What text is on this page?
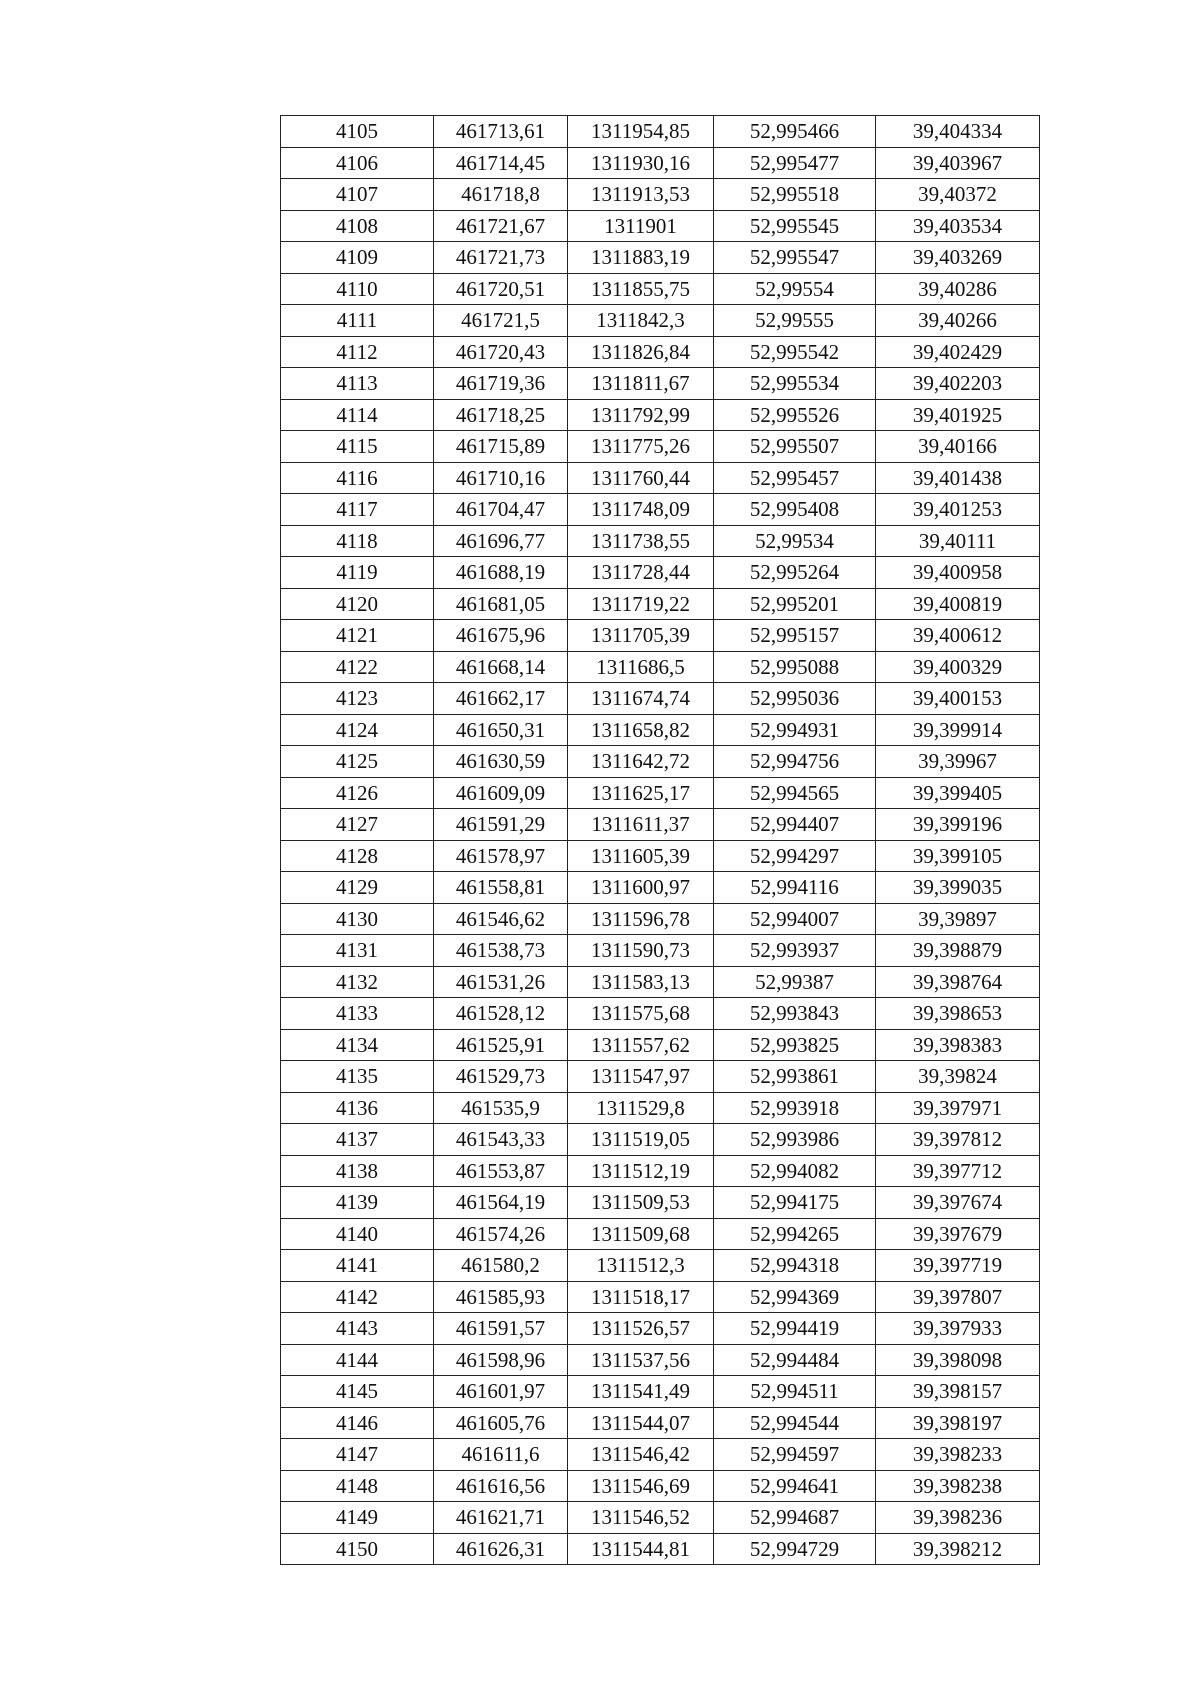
4105	461713,61	1311954,85	52,995466	39,404334
4106	461714,45	1311930,16	52,995477	39,403967
4107	461718,8	1311913,53	52,995518	39,40372
4108	461721,67	1311901	52,995545	39,403534
4109	461721,73	1311883,19	52,995547	39,403269
4110	461720,51	1311855,75	52,99554	39,40286
4111	461721,5	1311842,3	52,99555	39,40266
4112	461720,43	1311826,84	52,995542	39,402429
4113	461719,36	1311811,67	52,995534	39,402203
4114	461718,25	1311792,99	52,995526	39,401925
4115	461715,89	1311775,26	52,995507	39,40166
4116	461710,16	1311760,44	52,995457	39,401438
4117	461704,47	1311748,09	52,995408	39,401253
4118	461696,77	1311738,55	52,99534	39,40111
4119	461688,19	1311728,44	52,995264	39,400958
4120	461681,05	1311719,22	52,995201	39,400819
4121	461675,96	1311705,39	52,995157	39,400612
4122	461668,14	1311686,5	52,995088	39,400329
4123	461662,17	1311674,74	52,995036	39,400153
4124	461650,31	1311658,82	52,994931	39,399914
4125	461630,59	1311642,72	52,994756	39,39967
4126	461609,09	1311625,17	52,994565	39,399405
4127	461591,29	1311611,37	52,994407	39,399196
4128	461578,97	1311605,39	52,994297	39,399105
4129	461558,81	1311600,97	52,994116	39,399035
4130	461546,62	1311596,78	52,994007	39,39897
4131	461538,73	1311590,73	52,993937	39,398879
4132	461531,26	1311583,13	52,99387	39,398764
4133	461528,12	1311575,68	52,993843	39,398653
4134	461525,91	1311557,62	52,993825	39,398383
4135	461529,73	1311547,97	52,993861	39,39824
4136	461535,9	1311529,8	52,993918	39,397971
4137	461543,33	1311519,05	52,993986	39,397812
4138	461553,87	1311512,19	52,994082	39,397712
4139	461564,19	1311509,53	52,994175	39,397674
4140	461574,26	1311509,68	52,994265	39,397679
4141	461580,2	1311512,3	52,994318	39,397719
4142	461585,93	1311518,17	52,994369	39,397807
4143	461591,57	1311526,57	52,994419	39,397933
4144	461598,96	1311537,56	52,994484	39,398098
4145	461601,97	1311541,49	52,994511	39,398157
4146	461605,76	1311544,07	52,994544	39,398197
4147	461611,6	1311546,42	52,994597	39,398233
4148	461616,56	1311546,69	52,994641	39,398238
4149	461621,71	1311546,52	52,994687	39,398236
4150	461626,31	1311544,81	52,994729	39,398212
